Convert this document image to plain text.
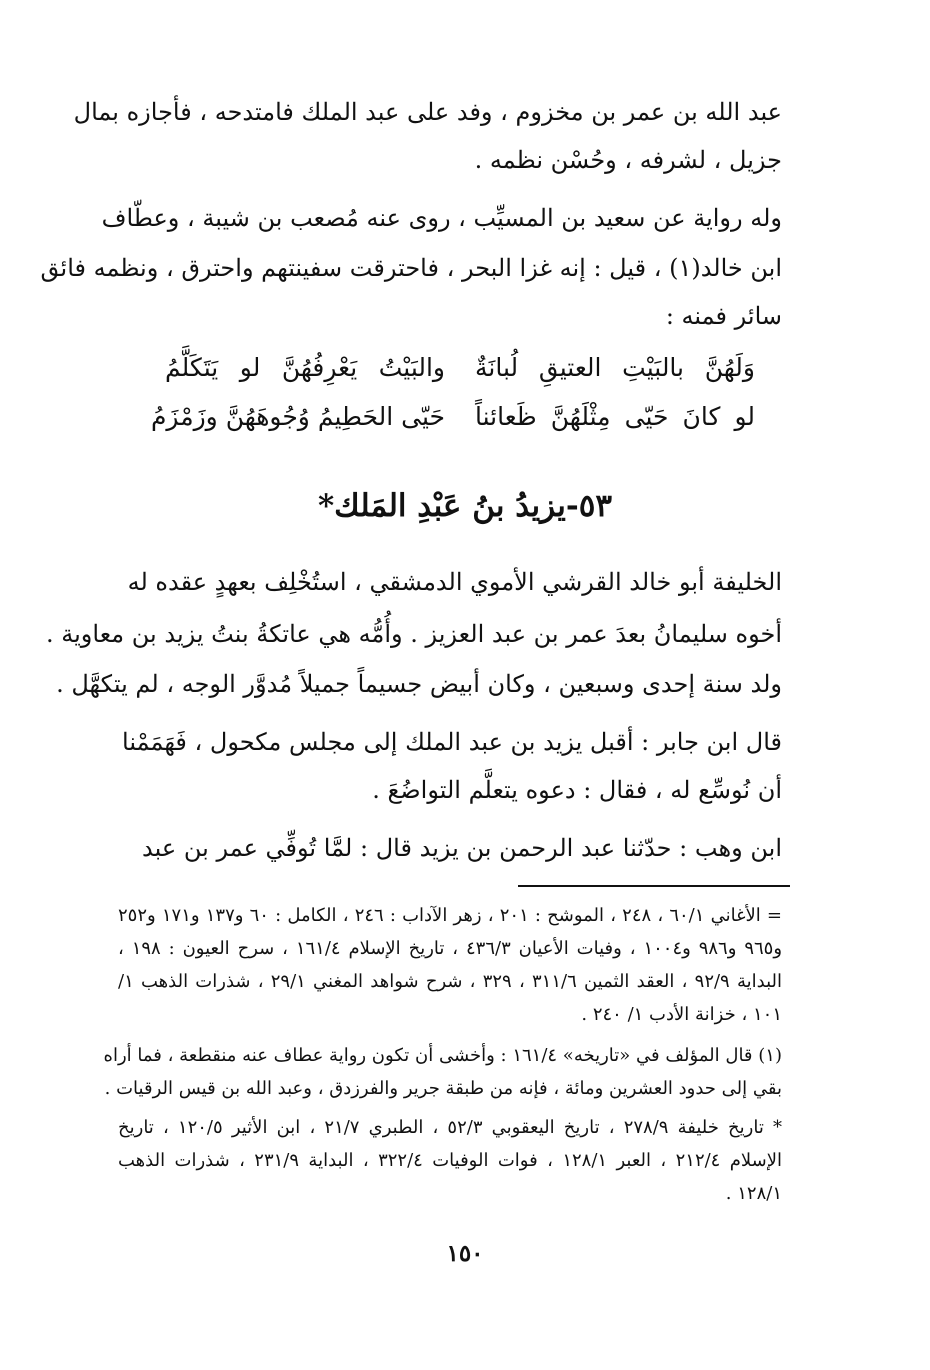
عبد الله بن عمر بن مخزوم ، وفد على عبد الملك فامتدحه ، فأجازه بمال
جزيل ، لشرفه ، وحُسْن نظمه .
وله رواية عن سعيد بن المسيِّب ، روى عنه مُصعب بن شيبة ، وعطّاف
ابن خالد(١) ، قيل : إنه غزا البحر ، فاحترقت سفينتهم واحترق ، ونظمه فائق
سائر فمنه :
وَلَهُنَّ بالبَيْتِ العتيقِ لُبانَةٌ
والبَيْتُ يَعْرِفُهُنَّ لو يَتَكَلَّمُ
لو كانَ حَيّى مِثْلَهُنَّ ظَعائناً
حَيّى الحَطِيمُ وُجُوهَهُنَّ وزَمْزَمُ
٥٣-يزيدُ بنُ عَبْدِ المَلك*
الخليفة أبو خالد القرشي الأموي الدمشقي ، استُخْلِف بعهدٍ عقده له
أخوه سليمانُ بعدَ عمر بن عبد العزيز . وأُمُّه هي عاتكةُ بنتُ يزيد بن معاوية .
ولد سنة إحدى وسبعين ، وكان أبيض جسيماً جميلاً مُدوَّر الوجه ، لم يتكهَّل .
قال ابن جابر : أقبل يزيد بن عبد الملك إلى مجلس مكحول ، فَهَمَمْنا
أن نُوسِّع له ، فقال : دعوه يتعلَّم التواضُعَ .
ابن وهب : حدّثنا عبد الرحمن بن يزيد قال : لمَّا تُوفِّي عمر بن عبد
= الأغاني ٦٠/١ ، ٢٤٨ ، الموشح : ٢٠١ ، زهر الآداب : ٢٤٦ ، الكامل : ٦٠ و١٣٧ و١٧١ و٢٥٢
و٩٦٥ و٩٨٦ و١٠٠٤ ، وفيات الأعيان ٤٣٦/٣ ، تاريخ الإسلام ١٦١/٤ ، سرح العيون : ١٩٨ ،
البداية ٩٢/٩ ، العقد الثمين ٣١١/٦ ، ٣٢٩ ، شرح شواهد المغني ٢٩/١ ، شذرات الذهب ١/
١٠١ ، خزانة الأدب ١/ ٢٤٠ .
(١) قال المؤلف في «تاريخه» ١٦١/٤ : وأخشى أن تكون رواية عطاف عنه منقطعة ، فما أراه
بقي إلى حدود العشرين ومائة ، فإنه من طبقة جرير والفرزدق ، وعبد الله بن قيس الرقيات .
* تاريخ خليفة ٢٧٨/٩ ، تاريخ اليعقوبي ٥٢/٣ ، الطبري ٢١/٧ ، ابن الأثير ١٢٠/٥ ، تاريخ
الإسلام ٢١٢/٤ ، العبر ١٢٨/١ ، فوات الوفيات ٣٢٢/٤ ، البداية ٢٣١/٩ ، شذرات الذهب
١٢٨/١ .
١٥٠
